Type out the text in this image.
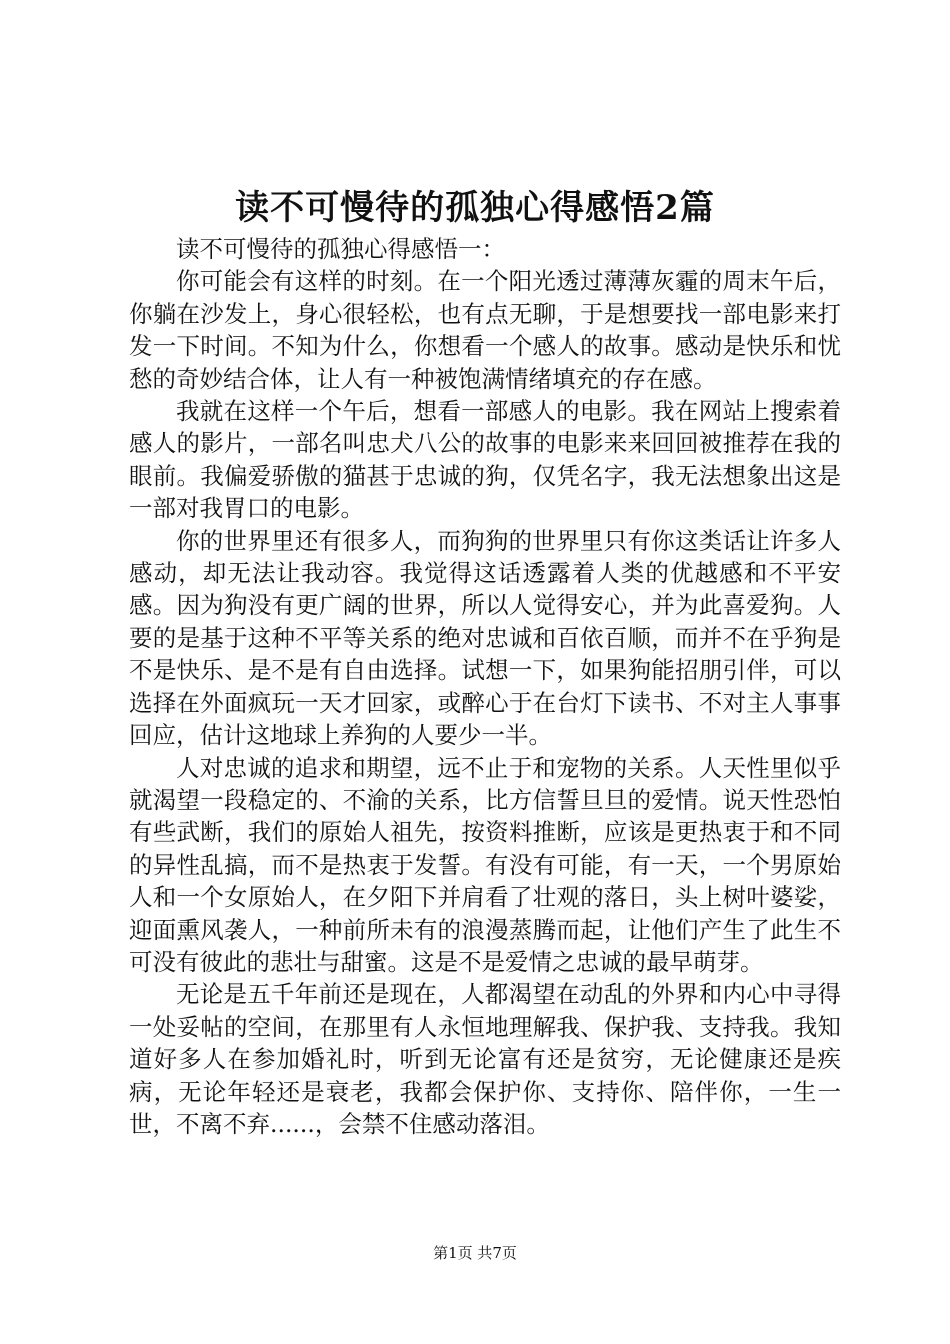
读不可慢待的孤独心得感悟2篇

读不可慢待的孤独心得感悟一：

你可能会有这样的时刻。在一个阳光透过薄薄灰霾的周末午后，你躺在沙发上，身心很轻松，也有点无聊，于是想要找一部电影来打发一下时间。不知为什么，你想看一个感人的故事。感动是快乐和忧愁的奇妙结合体，让人有一种被饱满情绪填充的存在感。

我就在这样一个午后，想看一部感人的电影。我在网站上搜索着感人的影片，一部名叫忠犬八公的故事的电影来来回回被推荐在我的眼前。我偏爱骄傲的猫甚于忠诚的狗，仅凭名字，我无法想象出这是一部对我胃口的电影。

你的世界里还有很多人，而狗狗的世界里只有你这类话让许多人感动，却无法让我动容。我觉得这话透露着人类的优越感和不平安感。因为狗没有更广阔的世界，所以人觉得安心，并为此喜爱狗。人要的是基于这种不平等关系的绝对忠诚和百依百顺，而并不在乎狗是不是快乐、是不是有自由选择。试想一下，如果狗能招朋引伴，可以选择在外面疯玩一天才回家，或醉心于在台灯下读书、不对主人事事回应，估计这地球上养狗的人要少一半。

人对忠诚的追求和期望，远不止于和宠物的关系。人天性里似乎就渴望一段稳定的、不渝的关系，比方信誓旦旦的爱情。说天性恐怕有些武断，我们的原始人祖先，按资料推断，应该是更热衷于和不同的异性乱搞，而不是热衷于发誓。有没有可能，有一天，一个男原始人和一个女原始人，在夕阳下并肩看了壮观的落日，头上树叶婆娑，迎面熏风袭人，一种前所未有的浪漫蒸腾而起，让他们产生了此生不可没有彼此的悲壮与甜蜜。这是不是爱情之忠诚的最早萌芽。

无论是五千年前还是现在，人都渴望在动乱的外界和内心中寻得一处妥帖的空间，在那里有人永恒地理解我、保护我、支持我。我知道好多人在参加婚礼时，听到无论富有还是贫穷，无论健康还是疾病，无论年轻还是衰老，我都会保护你、支持你、陪伴你，一生一世，不离不弃......，会禁不住感动落泪。

第1页 共7页
